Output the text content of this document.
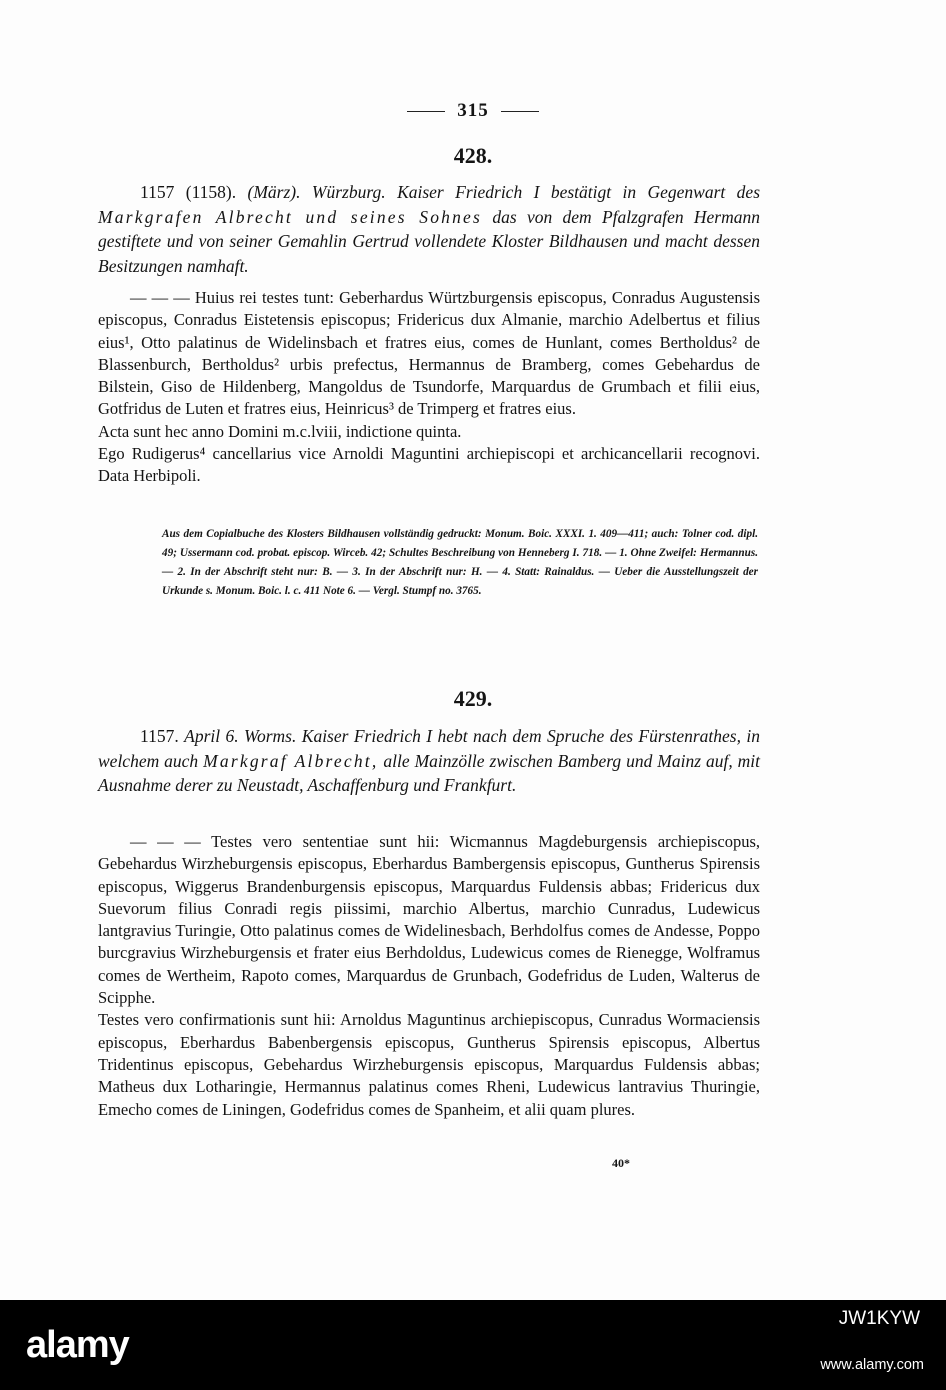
315
428.
1157 (1158). (März). Würzburg. Kaiser Friedrich I bestätigt in Gegenwart des Markgrafen Albrecht und seines Sohnes das von dem Pfalzgrafen Hermann gestiftete und von seiner Gemahlin Gertrud vollendete Kloster Bildhausen und macht dessen Besitzungen namhaft.

— — — Huius rei testes tunt: Geberhardus Würtzburgensis episcopus, Conradus Augustensis episcopus, Conradus Eistetensis episcopus; Fridericus dux Almanie, marchio Adelbertus et filius eius¹, Otto palatinus de Widelinsbach et fratres eius, comes de Hunlant, comes Bertholdus² de Blassenburch, Bertholdus² urbis prefectus, Hermannus de Bramberg, comes Gebehardus de Bilstein, Giso de Hildenberg, Mangoldus de Tsundorfe, Marquardus de Grumbach et filii eius, Gotfridus de Luten et fratres eius, Heinricus³ de Trimperg et fratres eius.

Acta sunt hec anno Domini m.c.lviii, indictione quinta.

Ego Rudigerus⁴ cancellarius vice Arnoldi Maguntini archiepiscopi et archicancellarii recognovi. Data Herbipoli.

Aus dem Copialbuche des Klosters Bildhausen vollständig gedruckt: Monum. Boic. XXXI. 1. 409—411; auch: Tolner cod. dipl. 49; Ussermann cod. probat. episcop. Wirceb. 42; Schultes Beschreibung von Henneberg I. 718. — 1. Ohne Zweifel: Hermannus. — 2. In der Abschrift steht nur: B. — 3. In der Abschrift nur: H. — 4. Statt: Rainaldus. — Ueber die Ausstellungszeit der Urkunde s. Monum. Boic. l. c. 411 Note 6. — Vergl. Stumpf no. 3765.
429.
1157. April 6. Worms. Kaiser Friedrich I hebt nach dem Spruche des Fürstenrathes, in welchem auch Markgraf Albrecht, alle Mainzölle zwischen Bamberg und Mainz auf, mit Ausnahme derer zu Neustadt, Aschaffenburg und Frankfurt.

— — — Testes vero sententiae sunt hii: Wicmannus Magdeburgensis archiepiscopus, Gebehardus Wirzheburgensis episcopus, Eberhardus Bambergensis episcopus, Guntherus Spirensis episcopus, Wiggerus Brandenburgensis episcopus, Marquardus Fuldensis abbas; Fridericus dux Suevorum filius Conradi regis piissimi, marchio Albertus, marchio Cunradus, Ludewicus lantgravius Turingie, Otto palatinus comes de Widelinesbach, Berhdolfus comes de Andesse, Poppo burcgravius Wirzheburgensis et frater eius Berhdoldus, Ludewicus comes de Rienegge, Wolframus comes de Wertheim, Rapoto comes, Marquardus de Grunbach, Godefridus de Luden, Walterus de Scipphe.

Testes vero confirmationis sunt hii: Arnoldus Maguntinus archiepiscopus, Cunradus Wormaciensis episcopus, Eberhardus Babenbergensis episcopus, Guntherus Spirensis episcopus, Albertus Tridentinus episcopus, Gebehardus Wirzheburgensis episcopus, Marquardus Fuldensis abbas; Matheus dux Lotharingie, Hermannus palatinus comes Rheni, Ludewicus lantravius Thuringie, Emecho comes de Liningen, Godefridus comes de Spanheim, et alii quam plures.

40*
alamy
JW1KYW
www.alamy.com
